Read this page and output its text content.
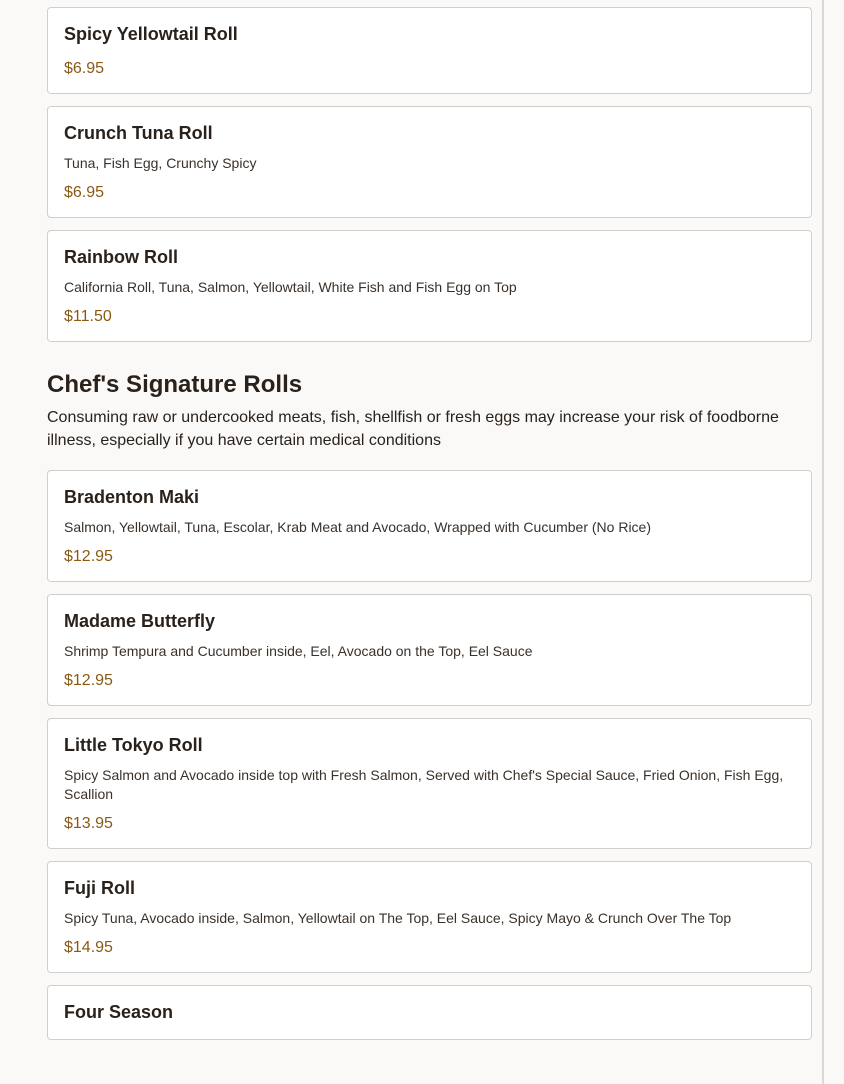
Spicy Yellowtail Roll
$6.95
Crunch Tuna Roll
Tuna, Fish Egg, Crunchy Spicy
$6.95
Rainbow Roll
California Roll, Tuna, Salmon, Yellowtail, White Fish and Fish Egg on Top
$11.50
Chef's Signature Rolls
Consuming raw or undercooked meats, fish, shellfish or fresh eggs may increase your risk of foodborne illness, especially if you have certain medical conditions
Bradenton Maki
Salmon, Yellowtail, Tuna, Escolar, Krab Meat and Avocado, Wrapped with Cucumber (No Rice)
$12.95
Madame Butterfly
Shrimp Tempura and Cucumber inside, Eel, Avocado on the Top, Eel Sauce
$12.95
Little Tokyo Roll
Spicy Salmon and Avocado inside top with Fresh Salmon, Served with Chef's Special Sauce, Fried Onion, Fish Egg, Scallion
$13.95
Fuji Roll
Spicy Tuna, Avocado inside, Salmon, Yellowtail on The Top, Eel Sauce, Spicy Mayo & Crunch Over The Top
$14.95
Four Season
